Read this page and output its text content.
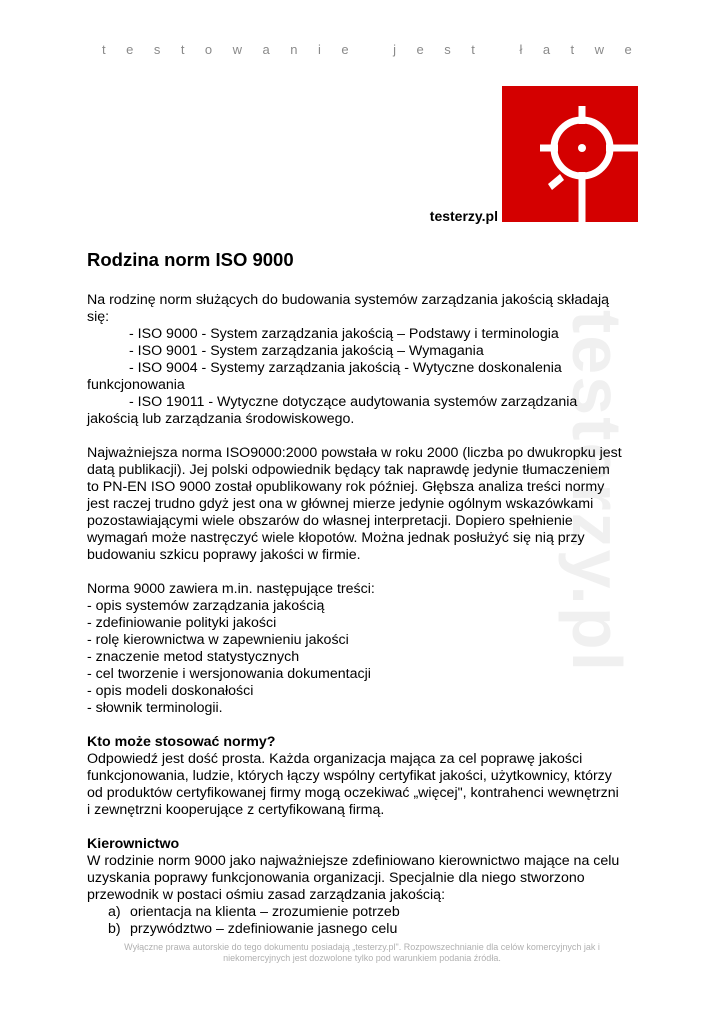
t e s t o w a n i e
	j e s t
	ł a t w e
testerzy.pl
testerzy.pl
Rodzina norm ISO 9000

Na rodzinę norm służących do budowania systemów zarządzania jakością składają

się:

- ISO 9000 - System zarządzania jakością – Podstawy i terminologia

- ISO 9001 - System zarządzania jakością – Wymagania

- ISO 9004 - Systemy zarządzania jakością - Wytyczne doskonalenia

funkcjonowania

- ISO 19011 - Wytyczne dotyczące audytowania systemów zarządzania

jakością lub zarządzania środowiskowego.

Najważniejsza norma ISO9000:2000 powstała w roku 2000 (liczba po dwukropku jest

datą publikacji). Jej polski odpowiednik będący tak naprawdę jedynie tłumaczeniem

to PN-EN ISO 9000 został opublikowany rok później. Głębsza analiza treści normy

jest raczej trudno gdyż jest ona w głównej mierze jedynie ogólnym wskazówkami

pozostawiającymi wiele obszarów do własnej interpretacji. Dopiero spełnienie

wymagań może nastręczyć wiele kłopotów. Można jednak posłużyć się nią przy

budowaniu szkicu poprawy jakości w firmie.

Norma 9000 zawiera m.in. następujące treści:

- opis systemów zarządzania jakością

- zdefiniowanie polityki jakości

- rolę kierownictwa w zapewnieniu jakości

- znaczenie metod statystycznych

- cel tworzenie i wersjonowania dokumentacji

- opis modeli doskonałości

- słownik terminologii.

Kto może stosować normy?

Odpowiedź jest dość prosta. Każda organizacja mająca za cel poprawę jakości

funkcjonowania, ludzie, których łączy wspólny certyfikat jakości, użytkownicy, którzy

od produktów certyfikowanej firmy mogą oczekiwać „więcej", kontrahenci wewnętrzni

i zewnętrzni kooperujące z certyfikowaną firmą.

Kierownictwo

W rodzinie norm 9000 jako najważniejsze zdefiniowano kierownictwo mające na celu

uzyskania poprawy funkcjonowania organizacji. Specjalnie dla niego stworzono

przewodnik w postaci ośmiu zasad zarządzania jakością:

a) orientacja na klienta – zrozumienie potrzeb
b) przywództwo – zdefiniowanie jasnego celu
Wyłączne prawa autorskie do tego dokumentu posiadają „testerzy.pl". Rozpowszechnianie dla celów komercyjnych jak i
niekomercyjnych jest dozwolone tylko pod warunkiem podania źródła.
